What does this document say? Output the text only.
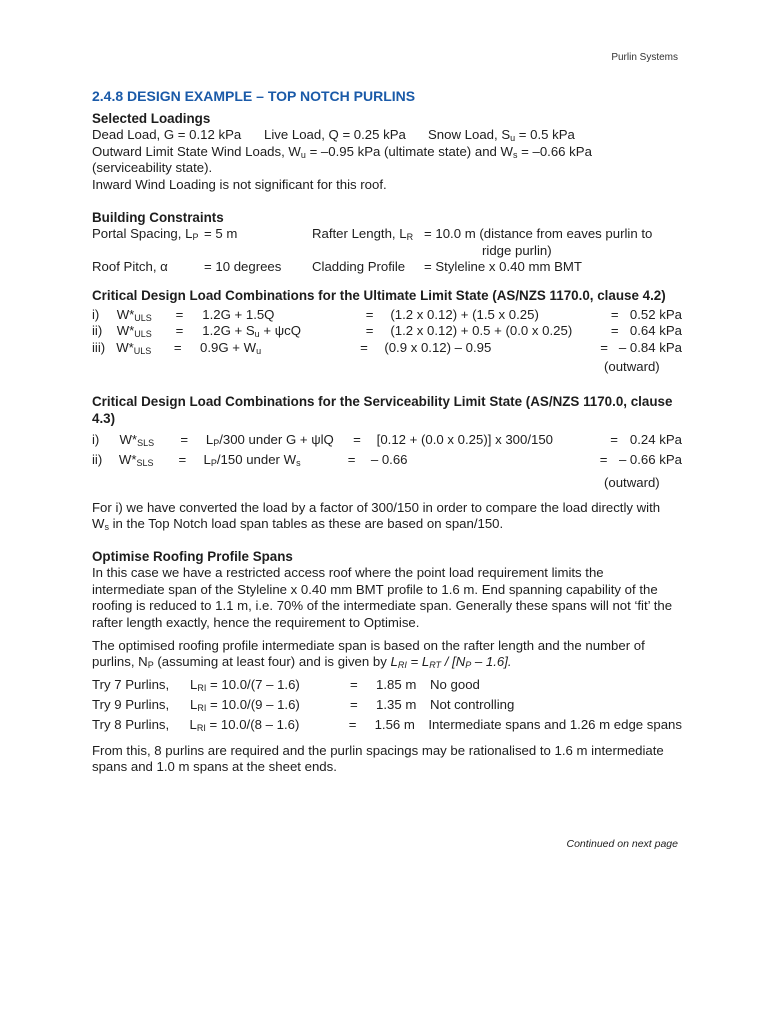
Purlin Systems
2.4.8 DESIGN EXAMPLE – TOP NOTCH PURLINS
Selected Loadings
Dead Load, G = 0.12 kPa	Live Load, Q = 0.25 kPa	Snow Load, $S_u = 0.5$ kPa
Outward Limit State Wind Loads, $W_u = -0.95$ kPa (ultimate state) and $W_s = -0.66$ kPa
(serviceability state).
Inward Wind Loading is not significant for this roof.
Building Constraints
Portal Spacing, $L_P = 5$ m	Rafter Length, $L_R = 10.0$ m (distance from eaves purlin to
ridge purlin)
Roof Pitch, α	= 10 degrees	Cladding Profile	= Styleline x 0.40 mm BMT
Critical Design Load Combinations for the Ultimate Limit State (AS/NZS 1170.0, clause 4.2)
i)	$W*_{ULS}$	=	1.2G + 1.5Q	=	(1.2 x 0.12) + (1.5 x 0.25)	= 0.52 kPa
ii)	$W*_{ULS}$	=	$1.2G + S_u + \psi cQ$	=	(1.2 x 0.12) + 0.5 + (0.0 x 0.25)	= 0.64 kPa
iii) $W*_{ULS}$	=	$0.9G + W_u$	=	(0.9 x 0.12) – 0.95	= – 0.84 kPa
(outward)
Critical Design Load Combinations for the Serviceability Limit State (AS/NZS 1170.0, clause 4.3)
i)	$W*_{SLS}$	=	$L_P/300$ under G + ψlQ	=	[0.12 + (0.0 x 0.25)] x 300/150	= 0.24 kPa
ii)	$W*_{SLS}$	=	$L_P/150$ under $W_s$	=	– 0.66	= – 0.66 kPa
(outward)
For i) we have converted the load by a factor of 300/150 in order to compare the load directly with
$W_s$ in the Top Notch load span tables as these are based on span/150.
Optimise Roofing Profile Spans
In this case we have a restricted access roof where the point load requirement limits the
intermediate span of the Styleline x 0.40 mm BMT profile to 1.6 m. End spanning capability of the
roofing is reduced to 1.1 m, i.e. 70% of the intermediate span. Generally these spans will not ‘fit’ the
rafter length exactly, hence the requirement to Optimise.
The optimised roofing profile intermediate span is based on the rafter length and the number of
purlins, $N_P$ (assuming at least four) and is given by $L_{RI} = L_{RT} / [N_P - 1.6]$.
Try 7 Purlins,	$L_{RI} = 10.0/(7 - 1.6)$	=	1.85 m	No good
Try 9 Purlins,	$L_{RI} = 10.0/(9 - 1.6)$	=	1.35 m	Not controlling
Try 8 Purlins,	$L_{RI} = 10.0/(8 - 1.6)$	=	1.56 m	Intermediate spans and 1.26 m edge spans
From this, 8 purlins are required and the purlin spacings may be rationalised to 1.6 m intermediate
spans and 1.0 m spans at the sheet ends.
Continued on next page
